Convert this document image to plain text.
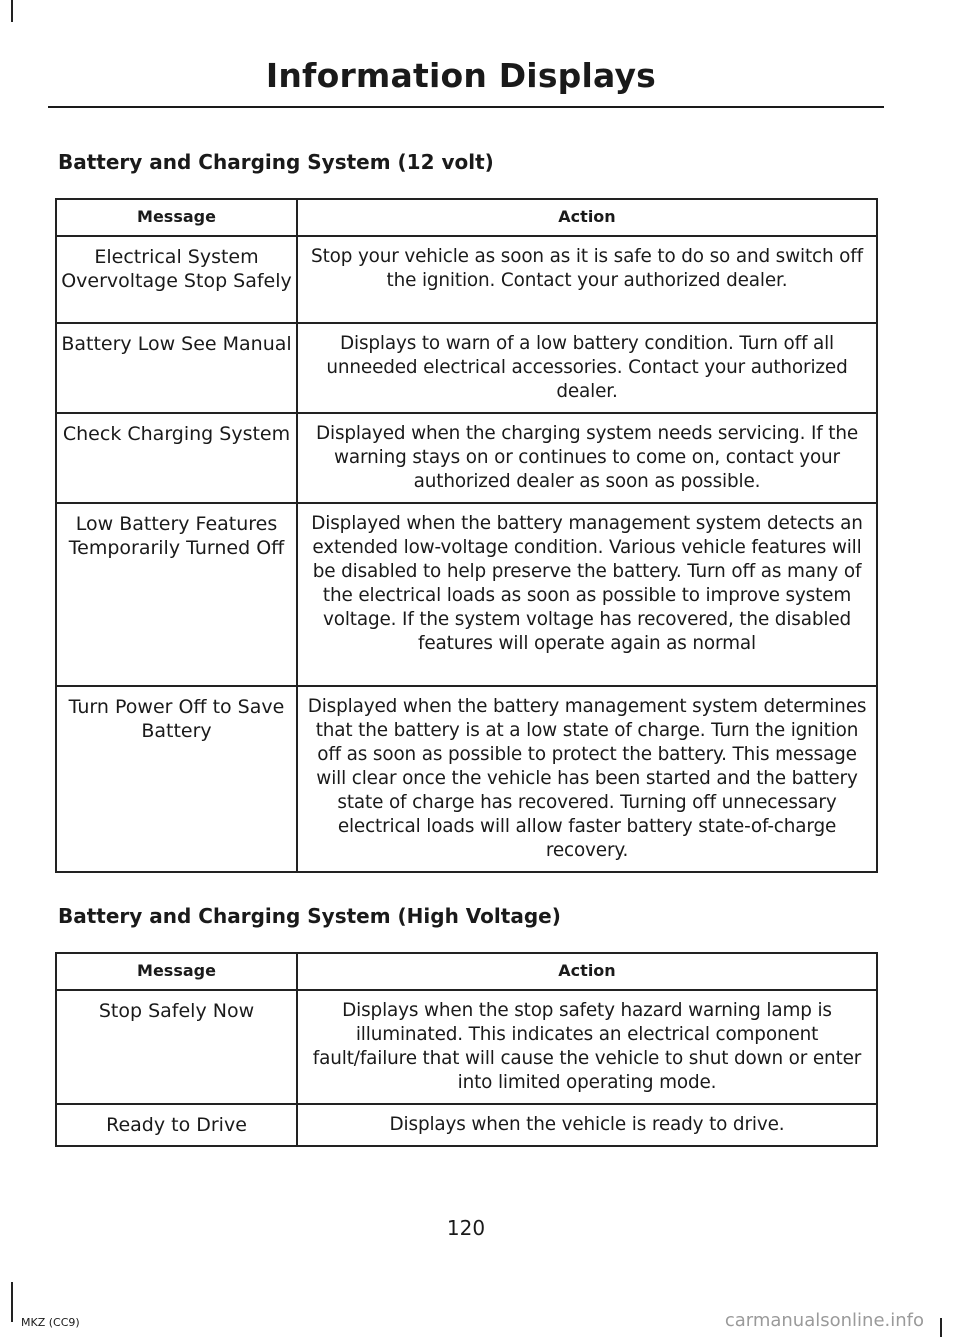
Information Displays
Battery and Charging System (12 volt)
Message	Action
Electrical System Overvoltage Stop Safely	Stop your vehicle as soon as it is safe to do so and switch off the ignition. Contact your authorized dealer.
Battery Low See Manual	Displays to warn of a low battery condition. Turn off all unneeded electrical accessories. Contact your authorized dealer.
Check Charging System	Displayed when the charging system needs servicing. If the warning stays on or continues to come on, contact your authorized dealer as soon as possible.
Low Battery Features Temporarily Turned Off	Displayed when the battery management system detects an extended low-voltage condition. Various vehicle features will be disabled to help preserve the battery. Turn off as many of the electrical loads as soon as possible to improve system voltage. If the system voltage has recovered, the disabled features will operate again as normal
Turn Power Off to Save Battery	Displayed when the battery management system determines that the battery is at a low state of charge. Turn the ignition off as soon as possible to protect the battery. This message will clear once the vehicle has been started and the battery state of charge has recovered. Turning off unnecessary electrical loads will allow faster battery state-of-charge recovery.
Battery and Charging System (High Voltage)
Message	Action
Stop Safely Now	Displays when the stop safety hazard warning lamp is illuminated. This indicates an electrical component fault/failure that will cause the vehicle to shut down or enter into limited operating mode.
Ready to Drive	Displays when the vehicle is ready to drive.
120
MKZ (CC9)	carmanualsonline.info
